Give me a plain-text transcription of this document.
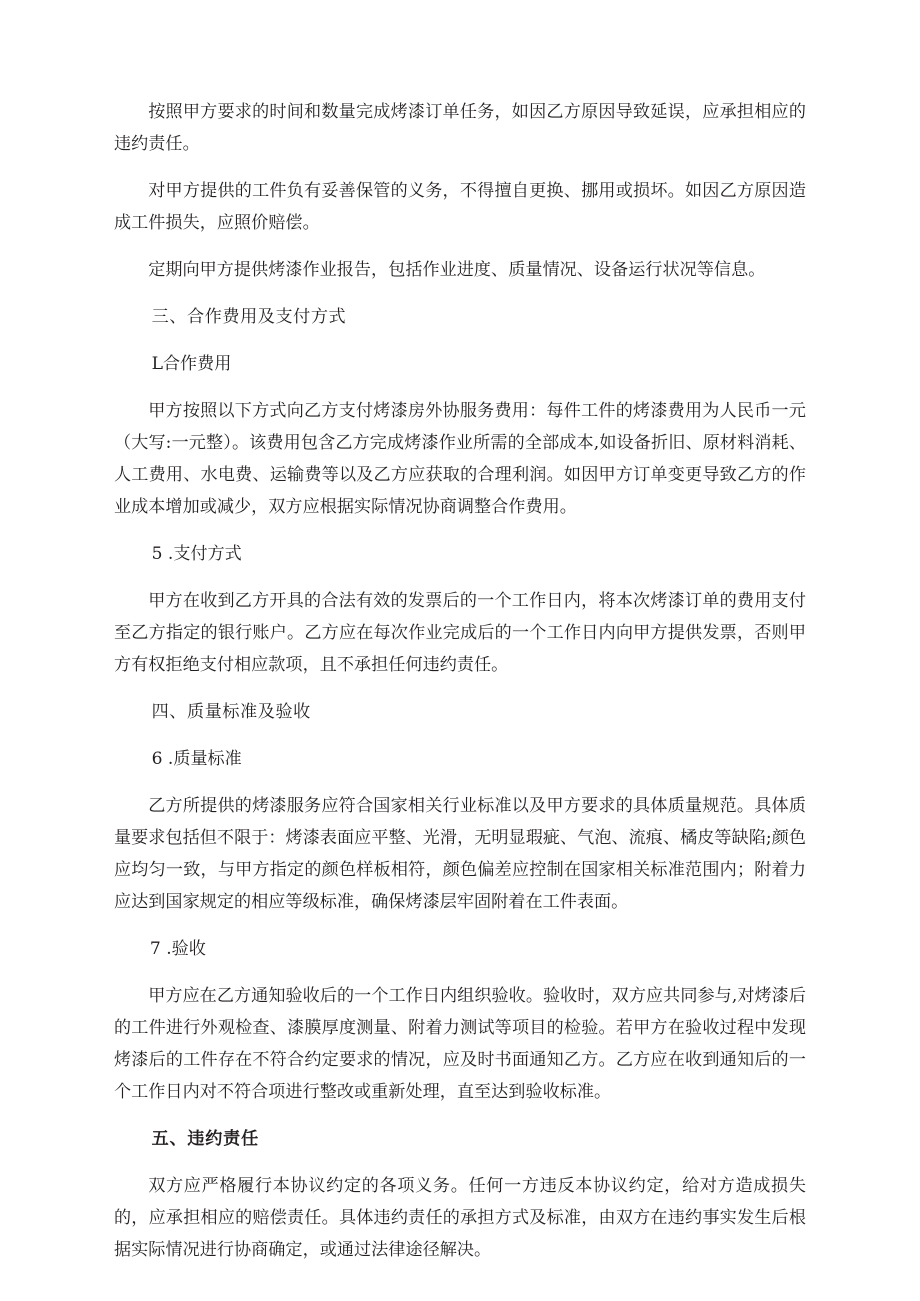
按照甲方要求的时间和数量完成烤漆订单任务，如因乙方原因导致延误，应承担相应的违约责任。

对甲方提供的工件负有妥善保管的义务，不得擅自更换、挪用或损坏。如因乙方原因造成工件损失，应照价赔偿。

定期向甲方提供烤漆作业报告，包括作业进度、质量情况、设备运行状况等信息。

三、合作费用及支付方式

L合作费用

甲方按照以下方式向乙方支付烤漆房外协服务费用：每件工件的烤漆费用为人民币一元（大写:一元整）。该费用包含乙方完成烤漆作业所需的全部成本,如设备折旧、原材料消耗、人工费用、水电费、运输费等以及乙方应获取的合理利润。如因甲方订单变更导致乙方的作业成本增加或减少，双方应根据实际情况协商调整合作费用。

5 .支付方式

甲方在收到乙方开具的合法有效的发票后的一个工作日内，将本次烤漆订单的费用支付至乙方指定的银行账户。乙方应在每次作业完成后的一个工作日内向甲方提供发票，否则甲方有权拒绝支付相应款项，且不承担任何违约责任。

四、质量标准及验收

6 .质量标准

乙方所提供的烤漆服务应符合国家相关行业标准以及甲方要求的具体质量规范。具体质量要求包括但不限于：烤漆表面应平整、光滑，无明显瑕疵、气泡、流痕、橘皮等缺陷;颜色应均匀一致，与甲方指定的颜色样板相符，颜色偏差应控制在国家相关标准范围内；附着力应达到国家规定的相应等级标准，确保烤漆层牢固附着在工件表面。

7 .验收

甲方应在乙方通知验收后的一个工作日内组织验收。验收时，双方应共同参与,对烤漆后的工件进行外观检查、漆膜厚度测量、附着力测试等项目的检验。若甲方在验收过程中发现烤漆后的工件存在不符合约定要求的情况，应及时书面通知乙方。乙方应在收到通知后的一个工作日内对不符合项进行整改或重新处理，直至达到验收标准。

五、违约责任

双方应严格履行本协议约定的各项义务。任何一方违反本协议约定，给对方造成损失的，应承担相应的赔偿责任。具体违约责任的承担方式及标准，由双方在违约事实发生后根据实际情况进行协商确定，或通过法律途径解决。
